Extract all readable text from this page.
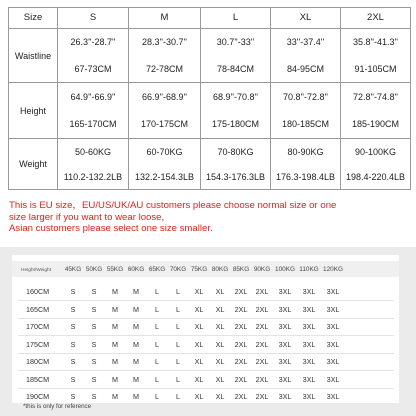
Size	S	M	L	XL	2XL
Waistline	26.3''-28.7''	28.3''-30.7''	30.7''-33''	33''-37.4''	35.8''-41.3''
	67-73CM	72-78CM	78-84CM	84-95CM	91-105CM
Height	64.9''-66.9''	66.9''-68.9''	68.9''-70.8''	70.8''-72.8''	72.8''-74.8''
	165-170CM	170-175CM	175-180CM	180-185CM	185-190CM
Weight	50-60KG	60-70KG	70-80KG	80-90KG	90-100KG
	110.2-132.2LB	132.2-154.3LB	154.3-176.3LB	176.3-198.4LB	198.4-220.4LB
This is EU size，EU/US/UK/AU customers please choose normal size or one
size larger if you want to wear loose,
Asian customers please select one size smaller.
Height/Weight	45KG 50KG 55KG 60KG 65KG 70KG 75KG 80KG 85KG 90KG 100KG 110KG 120KG
160CM	S	S	M	M	L	L	XL	XL	2XL	2XL	3XL	3XL	3XL
165CM	S	S	M	M	L	L	XL	XL	2XL	2XL	3XL	3XL	3XL
170CM	S	S	M	M	L	L	XL	XL	2XL	2XL	3XL	3XL	3XL
175CM	S	S	M	M	L	L	XL	XL	2XL	2XL	3XL	3XL	3XL
180CM	S	S	M	M	L	L	XL	XL	2XL	2XL	3XL	3XL	3XL
185CM	S	S	M	M	L	L	XL	XL	2XL	2XL	3XL	3XL	3XL
190CM	S	S	M	M	L	L	XL	XL	2XL	2XL	3XL	3XL	3XL
*this is only for reference
